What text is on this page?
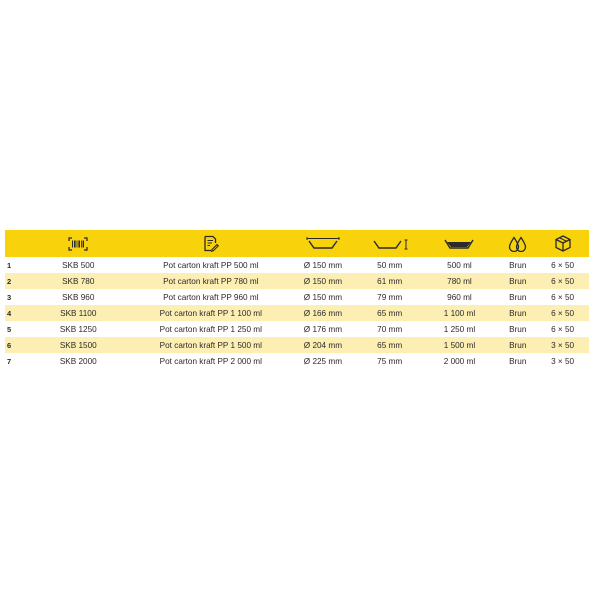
1	SKB 500	Pot carton kraft PP 500 ml	Ø 150 mm	50 mm	500 ml	Brun	6 × 50
2	SKB 780	Pot carton kraft PP 780 ml	Ø 150 mm	61 mm	780 ml	Brun	6 × 50
3	SKB 960	Pot carton kraft PP 960 ml	Ø 150 mm	79 mm	960 ml	Brun	6 × 50
4	SKB 1100	Pot carton kraft PP 1 100 ml	Ø 166 mm	65 mm	1 100 ml	Brun	6 × 50
5	SKB 1250	Pot carton kraft PP 1 250 ml	Ø 176 mm	70 mm	1 250 ml	Brun	6 × 50
6	SKB 1500	Pot carton kraft PP 1 500 ml	Ø 204 mm	65 mm	1 500 ml	Brun	3 × 50
7	SKB 2000	Pot carton kraft PP 2 000 ml	Ø 225 mm	75 mm	2 000 ml	Brun	3 × 50
